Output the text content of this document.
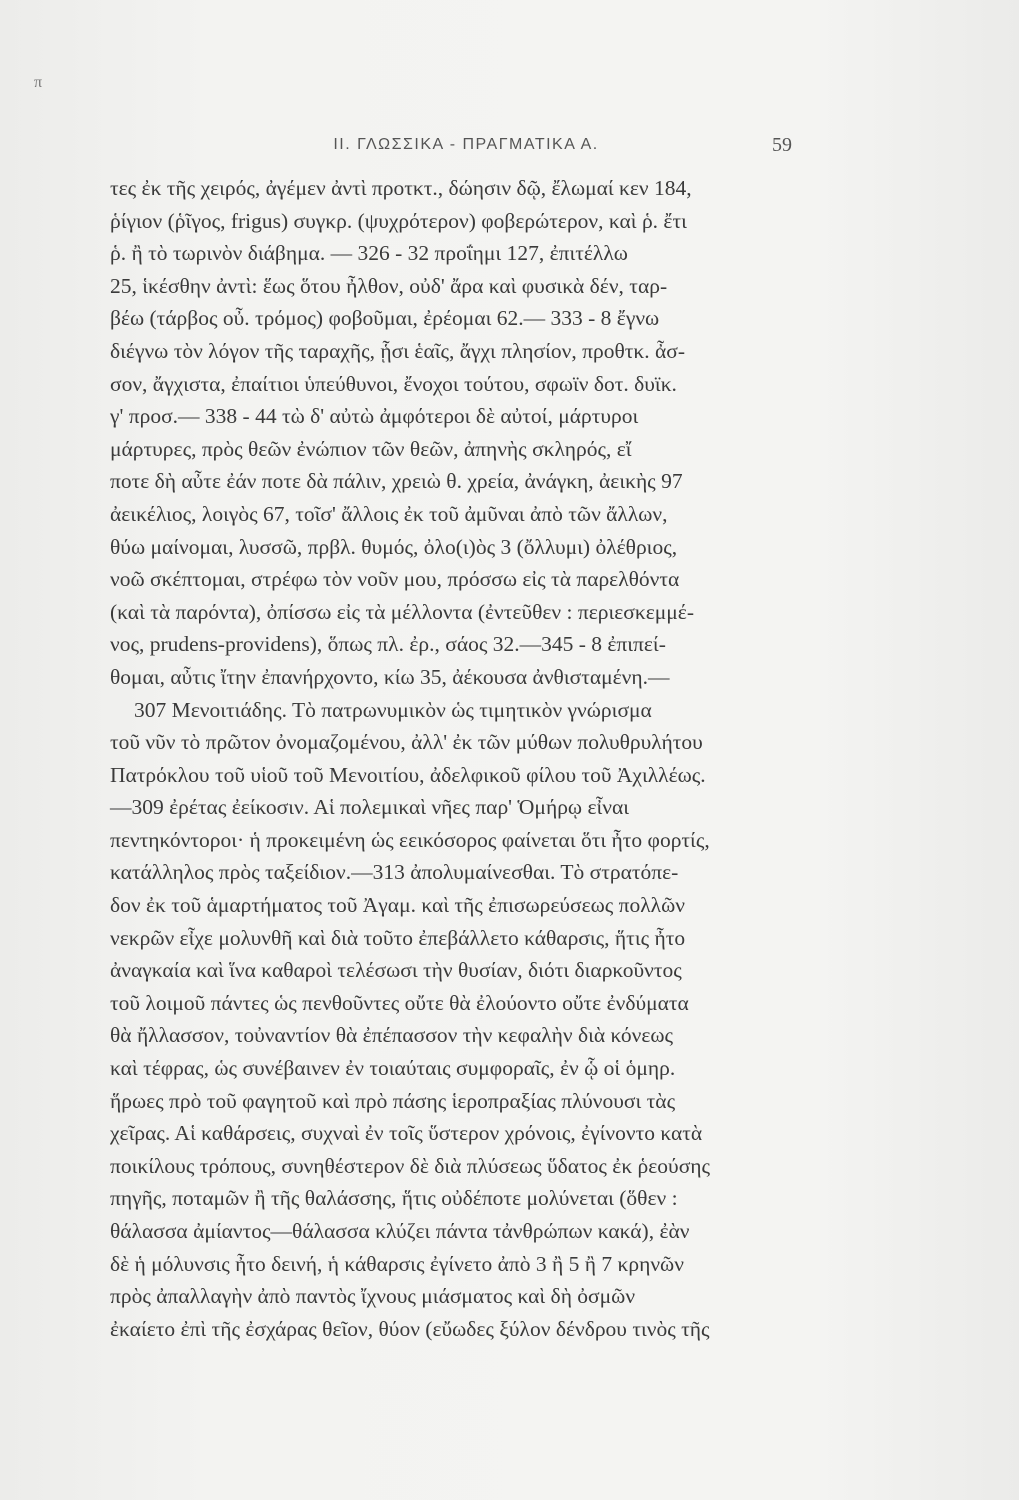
π
II. ΓΛΩΣΣΙΚΑ - ΠΡΑΓΜΑΤΙΚΑ Α.	59
τες ἐκ τῆς χειρός, ἀγέμεν ἀντὶ προτκτ., δώησιν δῷ, ἔλωμαί κεν 184,
ῥίγιον (ῥῖγος, frigus) συγκρ. (ψυχρότερον) φοβερώτερον, καὶ ῥ. ἔτι
ῥ. ἢ τὸ τωρινὸν διάβημα. — 326 - 32 προΐημι 127, ἐπιτέλλω
25, ἱκέσθην ἀντὶ: ἕως ὅτου ἦλθον, οὐδ' ἄρα καὶ φυσικὰ δέν, ταρ-
βέω (τάρβος οὖ. τρόμος) φοβοῦμαι, ἐρέομαι 62.— 333 - 8 ἔγνω
διέγνω τὸν λόγον τῆς ταραχῆς, ᾗσι ἑαῖς, ἄγχι πλησίον, προθτκ. ἆσ-
σον, ἄγχιστα, ἐπαίτιοι ὑπεύθυνοι, ἔνοχοι τούτου, σφωϊν δοτ. δυϊκ.
γ' προσ.— 338 - 44 τὼ δ' αὐτὼ ἀμφότεροι δὲ αὐτοί, μάρτυροι
μάρτυρες, πρὸς θεῶν ἐνώπιον τῶν θεῶν, ἀπηνὴς σκληρός, εἴ
ποτε δὴ αὖτε ἐάν ποτε δὰ πάλιν, χρειὼ θ. χρεία, ἀνάγκη, ἀεικὴς 97
ἀεικέλιος, λοιγὸς 67, τοῖσ' ἄλλοις ἐκ τοῦ ἀμῦναι ἀπὸ τῶν ἄλλων,
θύω μαίνομαι, λυσσῶ, πρβλ. θυμός, ὀλο(ι)ὸς 3 (ὄλλυμι) ὀλέθριος,
νοῶ σκέπτομαι, στρέφω τὸν νοῦν μου, πρόσσω εἰς τὰ παρελθόντα
(καὶ τὰ παρόντα), ὀπίσσω εἰς τὰ μέλλοντα (ἐντεῦθεν : περιεσκεμμέ-
νος, prudens-providens), ὅπως πλ. ἐρ., σάος 32.—345 - 8 ἐπιπεί-
θομαι, αὖτις ἴτην ἐπανήρχοντο, κίω 35, ἀέκουσα ἀνθισταμένη.—
307 Μενοιτιάδης. Τὸ πατρωνυμικὸν ὡς τιμητικὸν γνώρισμα
τοῦ νῦν τὸ πρῶτον ὀνομαζομένου, ἀλλ' ἐκ τῶν μύθων πολυθρυλήτου
Πατρόκλου τοῦ υἱοῦ τοῦ Μενοιτίου, ἀδελφικοῦ φίλου τοῦ Ἀχιλλέως.
—309 ἐρέτας ἐείκοσιν. Αἱ πολεμικαὶ νῆες παρ' Ὁμήρῳ εἶναι
πεντηκόντοροι· ἡ προκειμένη ὡς εεικόσορος φαίνεται ὅτι ἦτο φορτίς,
κατάλληλος πρὸς ταξείδιον.—313 ἀπολυμαίνεσθαι. Τὸ στρατόπε-
δον ἐκ τοῦ ἁμαρτήματος τοῦ Ἀγαμ. καὶ τῆς ἐπισωρεύσεως πολλῶν
νεκρῶν εἶχε μολυνθῆ καὶ διὰ τοῦτο ἐπεβάλλετο κάθαρσις, ἥτις ἦτο
ἀναγκαία καὶ ἵνα καθαροὶ τελέσωσι τὴν θυσίαν, διότι διαρκοῦντος
τοῦ λοιμοῦ πάντες ὡς πενθοῦντες οὔτε θὰ ἐλούοντο οὔτε ἐνδύματα
θὰ ἤλλασσον, τοὐναντίον θὰ ἐπέπασσον τὴν κεφαλὴν διὰ κόνεως
καὶ τέφρας, ὡς συνέβαινεν ἐν τοιαύταις συμφοραῖς, ἐν ᾧ οἱ ὁμηρ.
ἥρωες πρὸ τοῦ φαγητοῦ καὶ πρὸ πάσης ἱεροπραξίας πλύνουσι τὰς
χεῖρας. Αἱ καθάρσεις, συχναὶ ἐν τοῖς ὕστερον χρόνοις, ἐγίνοντο κατὰ
ποικίλους τρόπους, συνηθέστερον δὲ διὰ πλύσεως ὕδατος ἐκ ῥεούσης
πηγῆς, ποταμῶν ἢ τῆς θαλάσσης, ἥτις οὐδέποτε μολύνεται (ὅθεν :
θάλασσα ἀμίαντος—θάλασσα κλύζει πάντα τἀνθρώπων κακά), ἐὰν
δὲ ἡ μόλυνσις ἦτο δεινή, ἡ κάθαρσις ἐγίνετο ἀπὸ 3 ἢ 5 ἢ 7 κρηνῶν
πρὸς ἀπαλλαγὴν ἀπὸ παντὸς ἴχνους μιάσματος καὶ δὴ ὀσμῶν
ἐκαίετο ἐπὶ τῆς ἐσχάρας θεῖον, θύον (εὔωδες ξύλον δένδρου τινὸς τῆς
